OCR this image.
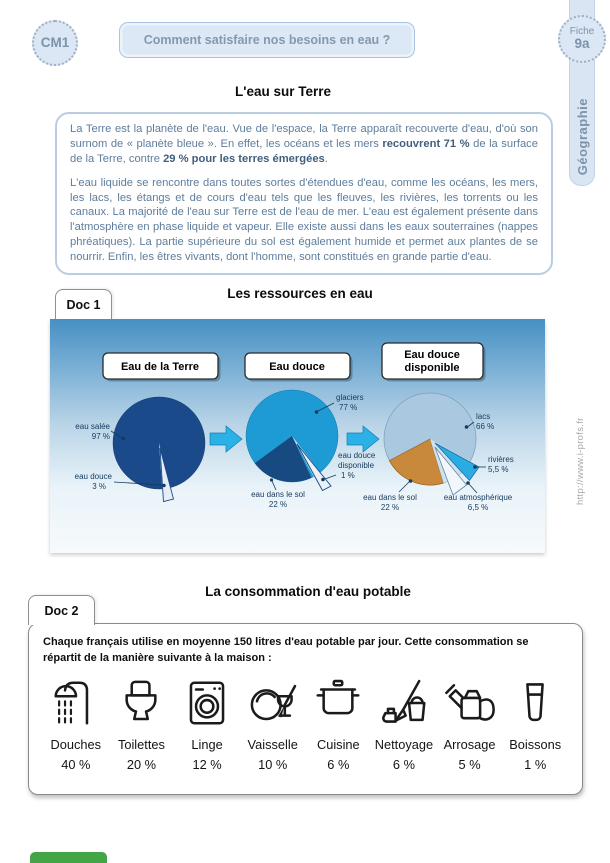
CM1	Comment satisfaire nos besoins en eau ?
Fiche
9a
Géographie
http://www.i-profs.fr
L'eau sur Terre

La Terre est la planète de l'eau. Vue de l'espace, la Terre apparaît recouverte d'eau, d'où son surnom de « planète bleue ». En effet, les océans et les mers recouvrent 71 % de la surface de la Terre, contre 29 % pour les terres émergées.

L'eau liquide se rencontre dans toutes sortes d'étendues d'eau, comme les océans, les mers, les lacs, les étangs et de cours d'eau tels que les fleuves, les rivières, les torrents ou les canaux. La majorité de l'eau sur Terre est de l'eau de mer. L'eau est également présente dans l'atmosphère en phase liquide et vapeur. Elle existe aussi dans les eaux souterraines (nappes phréatiques). La partie supérieure du sol est également humide et permet aux plantes de se nourrir. Enfin, les êtres vivants, dont l'homme, sont constitués en grande partie d'eau.

Les ressources en eau
Doc 1
Eau de la Terre	Eau douce
Eau douce
disponible
eau salée
97 %
eau douce
3 %
glaciers
77 %
eau douce
disponible
1 %
eau dans le sol
22 %
lacs
66 %
rivières
5,5 %
eau atmosphérique
6,5 %
eau dans le sol
22 %
La consommation d'eau potable
Doc 2
Chaque français utilise en moyenne 150 litres d'eau potable par jour. Cette consommation se répartit de la manière suivante à la maison :
Douches
40 %
Toilettes
20 %
Linge
12 %
Vaisselle
10 %
Cuisine
6 %
Nettoyage
6 %
Arrosage
5 %
Boissons
1 %
